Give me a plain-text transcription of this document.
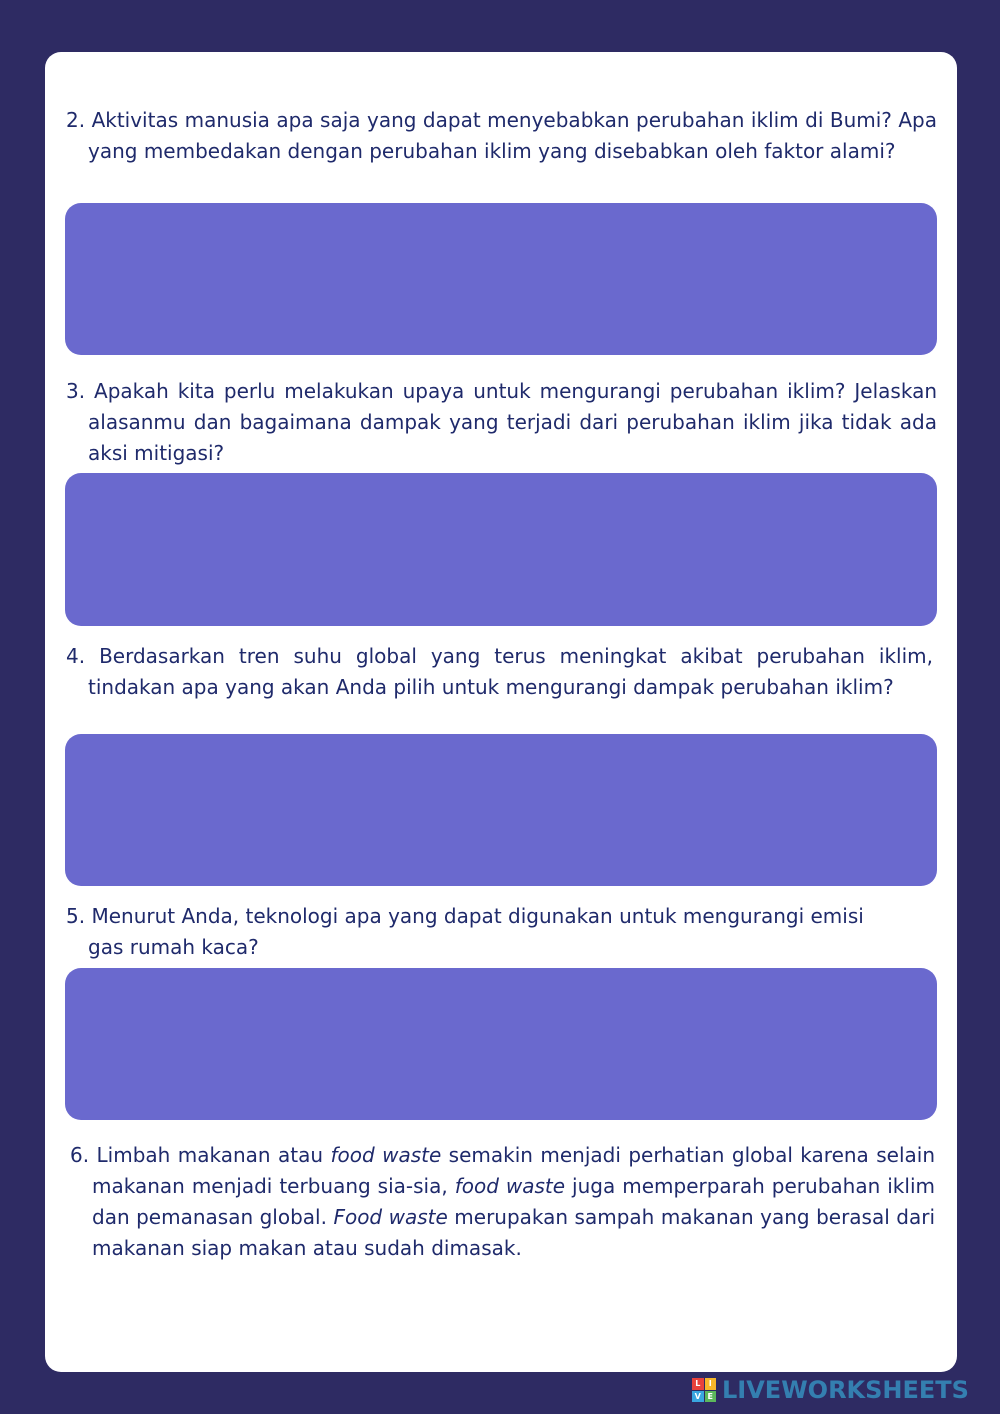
2. Aktivitas manusia apa saja yang dapat menyebabkan perubahan iklim di Bumi? Apa yang membedakan dengan perubahan iklim yang disebabkan oleh faktor alami?

3. Apakah kita perlu melakukan upaya untuk mengurangi perubahan iklim? Jelaskan alasanmu dan bagaimana dampak yang terjadi dari perubahan iklim jika tidak ada aksi mitigasi?

4. Berdasarkan tren suhu global yang terus meningkat akibat perubahan iklim, tindakan apa yang akan Anda pilih untuk mengurangi dampak perubahan iklim?

5. Menurut Anda, teknologi apa yang dapat digunakan untuk mengurangi emisi gas rumah kaca?

6. Limbah makanan atau food waste semakin menjadi perhatian global karena selain makanan menjadi terbuang sia-sia, food waste juga memperparah perubahan iklim dan pemanasan global. Food waste merupakan sampah makanan yang berasal dari makanan siap makan atau sudah dimasak.

L	I
V E LIVEWORKSHEETS
